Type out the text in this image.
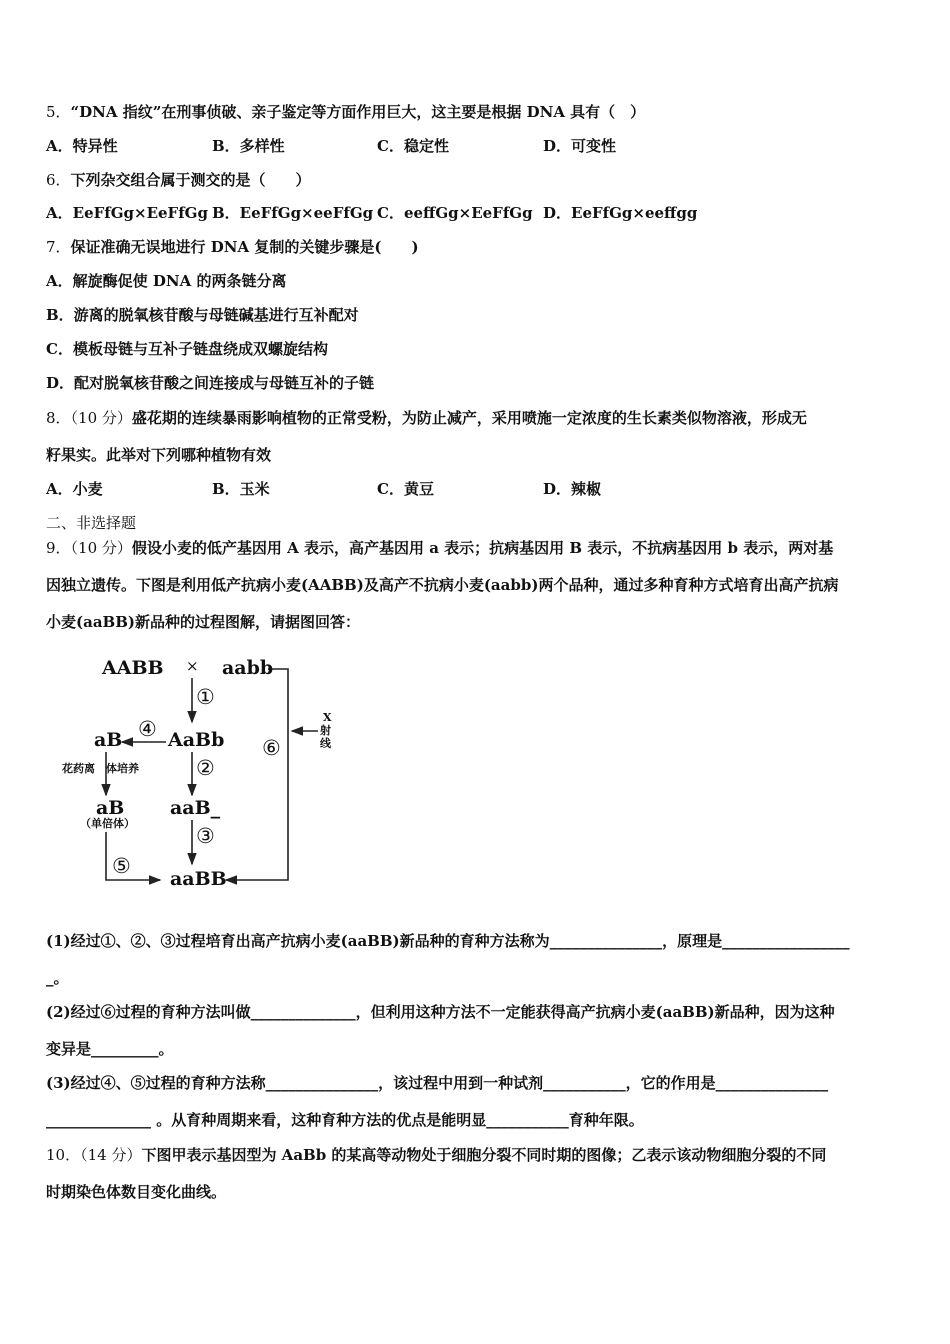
5．“DNA 指纹”在刑事侦破、亲子鉴定等方面作用巨大，这主要是根据 DNA 具有（　）
A．特异性	B．多样性	C．稳定性	D．可变性
6．下列杂交组合属于测交的是（　　）
A．EeFfGg×EeFfGg B．EeFfGg×eeFfGg C．eeffGg×EeFfGg D．EeFfGg×eeffgg
7．保证准确无误地进行 DNA 复制的关键步骤是(　　)
A．解旋酶促使 DNA 的两条链分离
B．游离的脱氧核苷酸与母链碱基进行互补配对
C．模板母链与互补子链盘绕成双螺旋结构
D．配对脱氧核苷酸之间连接成与母链互补的子链
8．（10 分）盛花期的连续暴雨影响植物的正常受粉，为防止减产，采用喷施一定浓度的生长素类似物溶液，形成无
籽果实。此举对下列哪种植物有效
A．小麦	B．玉米	C．黄豆	D．辣椒
二、非选择题
9．（10 分）假设小麦的低产基因用 A 表示，高产基因用 a 表示；抗病基因用 B 表示，不抗病基因用 b 表示，两对基
因独立遗传。下图是利用低产抗病小麦(AABB)及高产不抗病小麦(aabb)两个品种，通过多种育种方式培育出高产抗病
小麦(aaBB)新品种的过程图解，请据图回答：
AABB × aabb
①
AaBb
④
aB
花药离　体培养	②
aB
（单倍体）
aaB_
③
⑤
aaBB
⑥
X
射
线
(1)经过①、②、③过程培育出高产抗病小麦(aaBB)新品种的育种方法称为_______________，原理是_________________
_。
(2)经过⑥过程的育种方法叫做______________，但利用这种方法不一定能获得高产抗病小麦(aaBB)新品种，因为这种
变异是_________。
(3)经过④、⑤过程的育种方法称_______________，该过程中用到一种试剂___________，它的作用是_______________
______________ 。从育种周期来看，这种育种方法的优点是能明显___________育种年限。
10．（14 分）下图甲表示基因型为 AaBb 的某高等动物处于细胞分裂不同时期的图像；乙表示该动物细胞分裂的不同
时期染色体数目变化曲线。
